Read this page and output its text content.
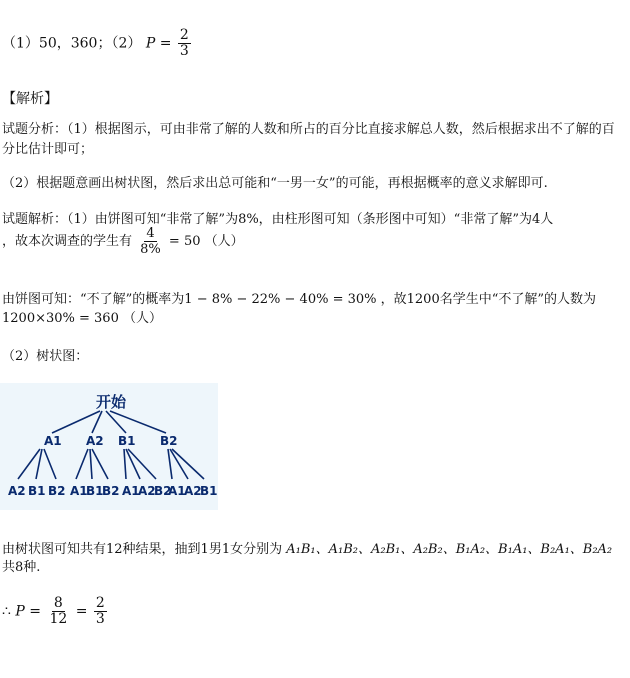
（1）50，360；（2） $P = \frac{2}{3}$
【解析】
试题分析：（1）根据图示，可由非常了解的人数和所占的百分比直接求解总人数，然后根据求出不了解的百分比估计即可；
（2）根据题意画出树状图，然后求出总可能和“一男一女”的可能，再根据概率的意义求解即可.
试题解析：（1）由饼图可知“非常了解”为8%，由柱形图可知（条形图中可知）“非常了解”为4人
，故本次调查的学生有 $\frac{4}{8\%} = 50$ （人）
由饼图可知：“不了解”的概率为1 − 8% − 22% − 40% = 30% ，故1200名学生中“不了解”的人数为
1200×30% = 360 （人）
（2）树状图：
开始
A1 A2 B1 B2
A2 B1 B2 A1
B1
B2 A1
A2
B2
A1
A2
B1
由树状图可知共有12种结果，抽到1男1女分别为 A₁B₁、A₁B₂、A₂B₁、A₂B₂、B₁A₂、B₁A₁、B₂A₁、B₂A₂
共8种.
∴ $P = \frac{8}{12} = \frac{2}{3}$
